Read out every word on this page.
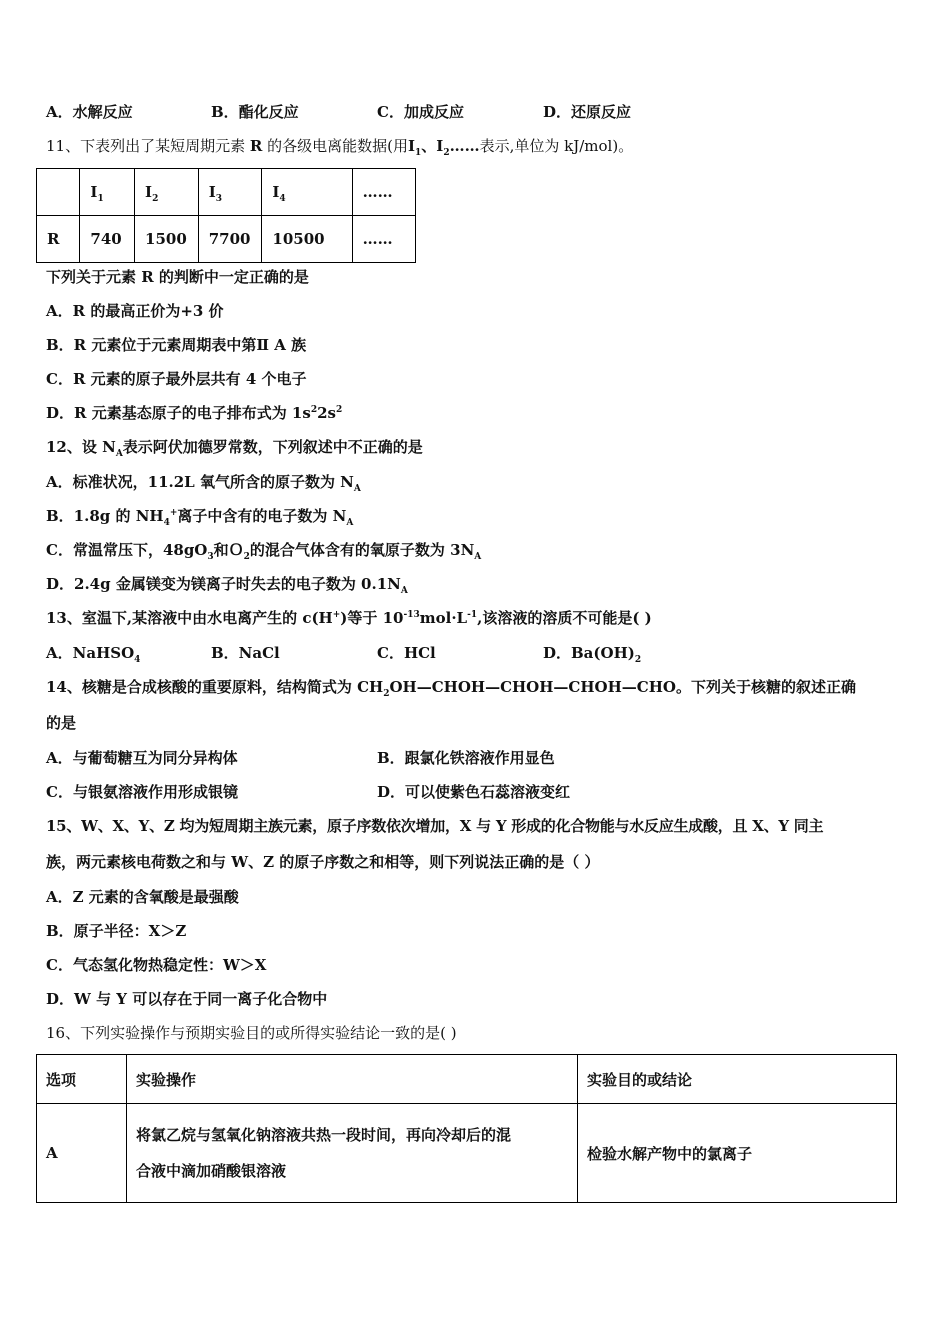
A．水解反应	B．酯化反应	C．加成反应	D．还原反应
11、下表列出了某短周期元素 R 的各级电离能数据(用$I_1$、$I_2\dots\dots$表示,单位为 kJ/mol)。
	$I_1$	$I_2$	$I_3$	$I_4$	……
R	740	1500	7700	10500	……
下列关于元素 R 的判断中一定正确的是
A．R 的最高正价为+3 价
B．R 元素位于元素周期表中第Ⅱ A 族
C．R 元素的原子最外层共有 4 个电子
D．R 元素基态原子的电子排布式为 $1s^22s^2$
12、设 $N_A$表示阿伏加德罗常数，下列叙述中不正确的是
A．标准状况，11.2L 氧气所含的原子数为 $N_A$
B．1.8g 的 $NH_4^+$离子中含有的电子数为 $N_A$
C．常温常压下，$48gO_3$和Ｏ$_2$的混合气体含有的氧原子数为 $3N_A$
D．2.4g 金属镁变为镁离子时失去的电子数为 $0.1N_A$
13、室温下,某溶液中由水电离产生的 c(H+)等于 $10^{-13}mol\cdot L^{-1}$,该溶液的溶质不可能是( )
A．NaHSO$_4$	B．NaCl	C．HCl	D．$Ba(OH)_2$
14、核糖是合成核酸的重要原料，结构简式为 $CH_2OH—CHOH—CHOH—CHOH—CHO$。下列关于核糖的叙述正确
的是
A．与葡萄糖互为同分异构体	B．跟氯化铁溶液作用显色
C．与银氨溶液作用形成银镜	D．可以使紫色石蕊溶液变红
15、W、X、Y、Z 均为短周期主族元素，原子序数依次增加，X 与 Y 形成的化合物能与水反应生成酸，且 X、Y 同主
族，两元素核电荷数之和与 W、Z 的原子序数之和相等，则下列说法正确的是（ ）
A．Z 元素的含氧酸是最强酸
B．原子半径：X＞Z
C．气态氢化物热稳定性：W＞X
D．W 与 Y 可以存在于同一离子化合物中
16、下列实验操作与预期实验目的或所得实验结论一致的是( )
选项	实验操作	实验目的或结论
A	将氯乙烷与氢氧化钠溶液共热一段时间，再向冷却后的混
合液中滴加硝酸银溶液	检验水解产物中的氯离子
